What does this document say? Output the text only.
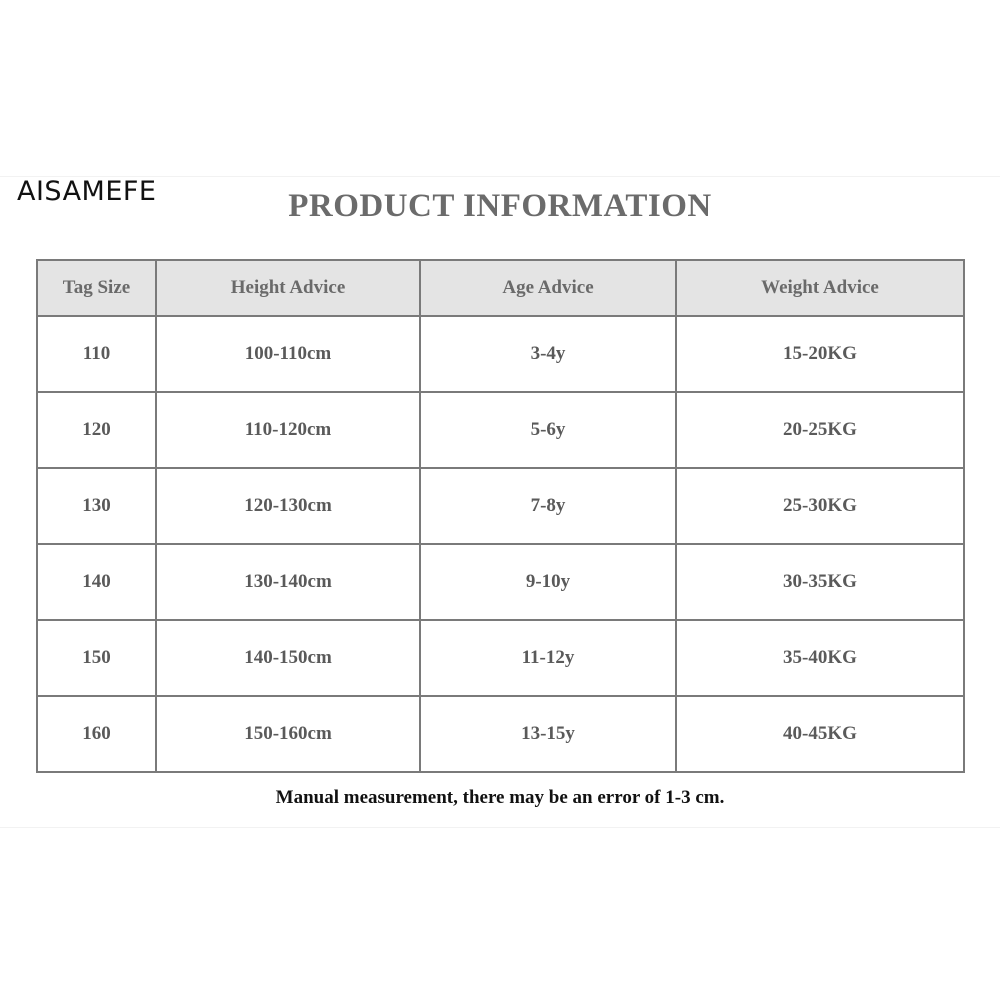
AISAMEFE	PRODUCT INFORMATION
Tag Size	Height Advice	Age Advice	Weight Advice
110	100-110cm	3-4y	15-20KG
120	110-120cm	5-6y	20-25KG
130	120-130cm	7-8y	25-30KG
140	130-140cm	9-10y	30-35KG
150	140-150cm	11-12y	35-40KG
160	150-160cm	13-15y	40-45KG
Manual measurement, there may be an error of 1-3 cm.
